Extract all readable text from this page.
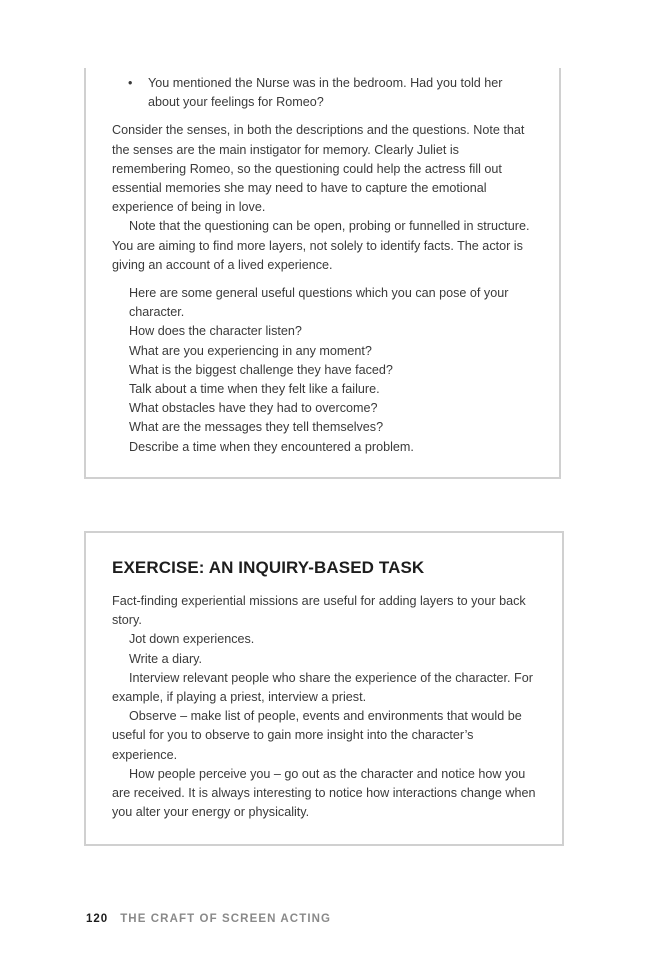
• You mentioned the Nurse was in the bedroom. Had you told her about your feelings for Romeo?

Consider the senses, in both the descriptions and the questions. Note that the senses are the main instigator for memory. Clearly Juliet is remembering Romeo, so the questioning could help the actress fill out essential memories she may need to have to capture the emotional experience of being in love.

Note that the questioning can be open, probing or funnelled in structure. You are aiming to find more layers, not solely to identify facts. The actor is giving an account of a lived experience.

Here are some general useful questions which you can pose of your character.

How does the character listen?

What are you experiencing in any moment?

What is the biggest challenge they have faced?

Talk about a time when they felt like a failure.

What obstacles have they had to overcome?

What are the messages they tell themselves?

Describe a time when they encountered a problem.

EXERCISE: AN INQUIRY-BASED TASK

Fact-finding experiential missions are useful for adding layers to your back story.

Jot down experiences.

Write a diary.

Interview relevant people who share the experience of the character. For example, if playing a priest, interview a priest.

Observe – make list of people, events and environments that would be useful for you to observe to gain more insight into the character’s experience.

How people perceive you – go out as the character and notice how you are received. It is always interesting to notice how interactions change when you alter your energy or physicality.

120 THE CRAFT OF SCREEN ACTING
